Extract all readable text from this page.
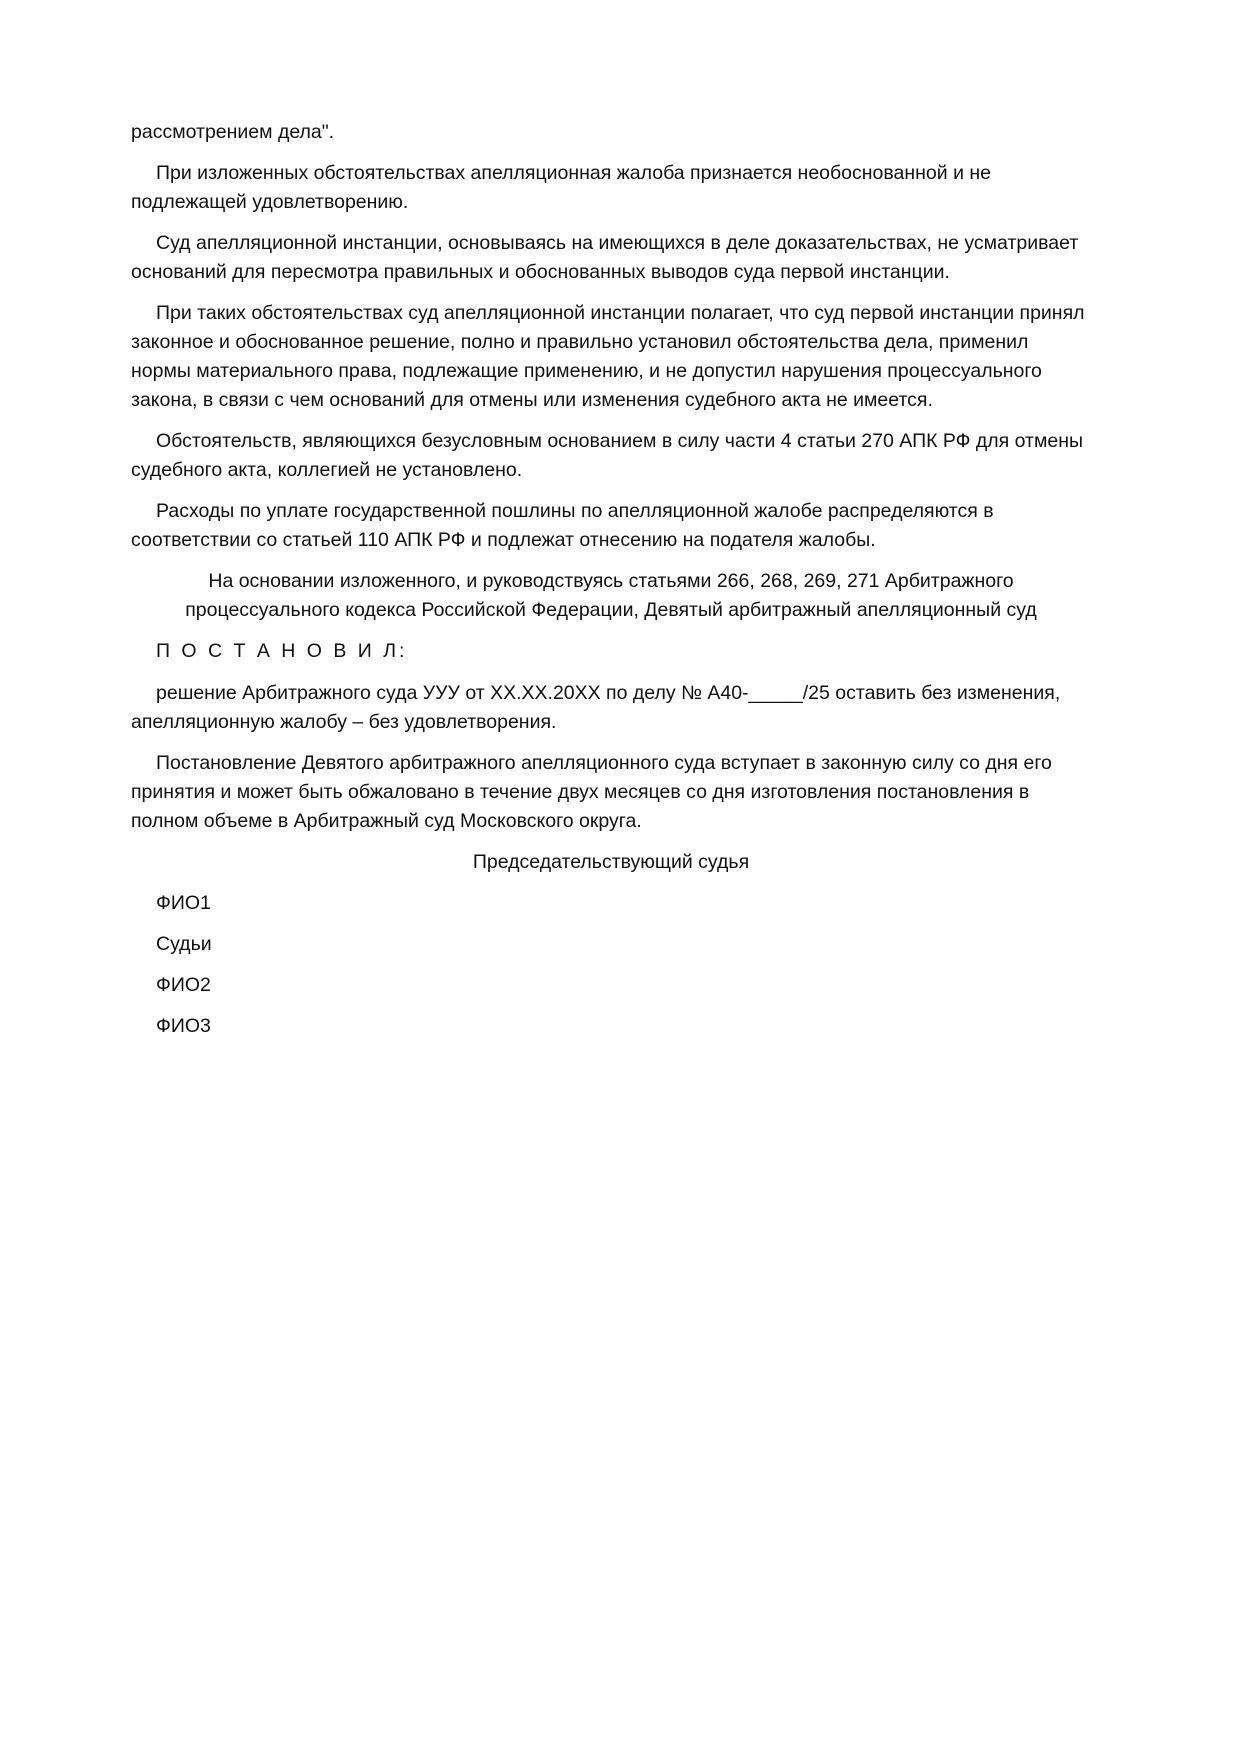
рассмотрением дела".

При изложенных обстоятельствах апелляционная жалоба признается необоснованной и не подлежащей удовлетворению.

Суд апелляционной инстанции, основываясь на имеющихся в деле доказательствах, не усматривает оснований для пересмотра правильных и обоснованных выводов суда первой инстанции.

При таких обстоятельствах суд апелляционной инстанции полагает, что суд первой инстанции принял законное и обоснованное решение, полно и правильно установил обстоятельства дела, применил нормы материального права, подлежащие применению, и не допустил нарушения процессуального закона, в связи с чем оснований для отмены или изменения судебного акта не имеется.

Обстоятельств, являющихся безусловным основанием в силу части 4 статьи 270 АПК РФ для отмены судебного акта, коллегией не установлено.

Расходы по уплате государственной пошлины по апелляционной жалобе распределяются в соответствии со статьей 110 АПК РФ и подлежат отнесению на подателя жалобы.

На основании изложенного, и руководствуясь статьями 266, 268, 269, 271 Арбитражного процессуального кодекса Российской Федерации, Девятый арбитражный апелляционный суд

П О С Т А Н О В И Л:

решение Арбитражного суда УУУ от XX.XX.20XX по делу № А40-_____/25 оставить без изменения, апелляционную жалобу – без удовлетворения.

Постановление Девятого арбитражного апелляционного суда вступает в законную силу со дня его принятия и может быть обжаловано в течение двух месяцев со дня изготовления постановления в полном объеме в Арбитражный суд Московского округа.

Председательствующий судья
ФИО1
Судьи
ФИО2
ФИО3
